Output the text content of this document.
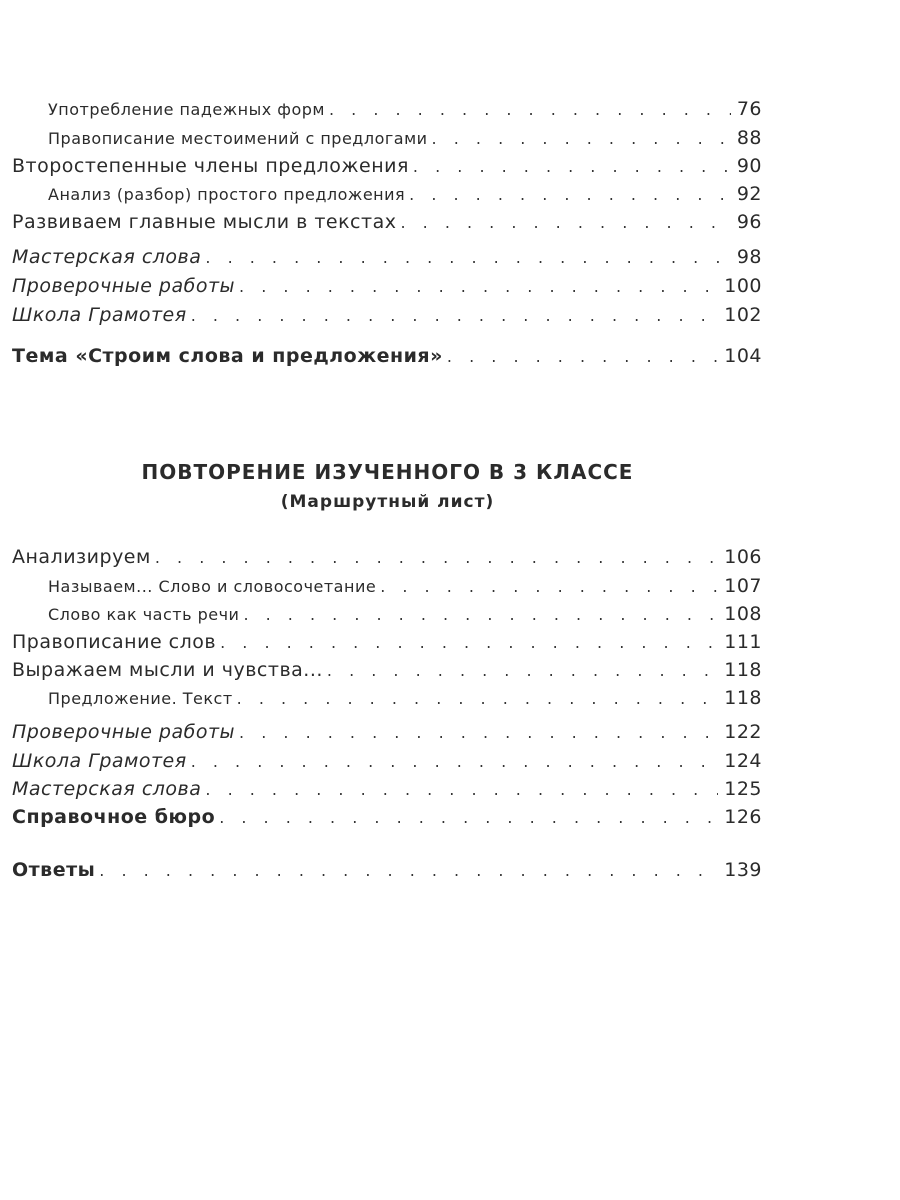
Употребление падежных форм . . .	76
Правописание местоимений с предлогами . . .	88
Второстепенные члены предложения . . .	90
Анализ (разбор) простого предложения . . .	92
Развиваем главные мысли в текстах . . .	96
Мастерская слова . . .	98
Проверочные работы . . .	100
Школа Грамотея . . .	102
Тема «Строим слова и предложения» . . .	104
ПОВТОРЕНИЕ ИЗУЧЕННОГО В 3 КЛАССЕ
(Маршрутный лист)
Анализируем . . .	106
Называем... Слово и словосочетание . . .	107
Слово как часть речи . . .	108
Правописание слов . . .	111
Выражаем мысли и чувства... . . .	118
Предложение. Текст . . .	118
Проверочные работы . . .	122
Школа Грамотея . . .	124
Мастерская слова . . .	125
Справочное бюро . . .	126
Ответы . . .	139
